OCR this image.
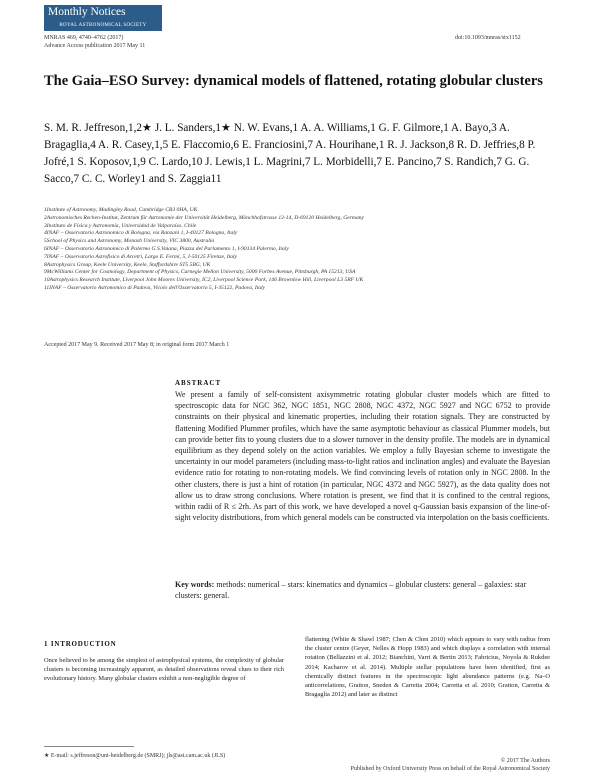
Monthly Notices
ROYAL ASTRONOMICAL SOCIETY
MNRAS 469, 4740–4762 (2017)
Advance Access publication 2017 May 11
doi:10.1093/mnras/stx1152
The Gaia–ESO Survey: dynamical models of flattened, rotating globular clusters
S. M. R. Jeffreson,1,2★ J. L. Sanders,1★ N. W. Evans,1 A. A. Williams,1 G. F. Gilmore,1 A. Bayo,3 A. Bragaglia,4 A. R. Casey,1,5 E. Flaccomio,6 E. Franciosini,7 A. Hourihane,1 R. J. Jackson,8 R. D. Jeffries,8 P. Jofré,1 S. Koposov,1,9 C. Lardo,10 J. Lewis,1 L. Magrini,7 L. Morbidelli,7 E. Pancino,7 S. Randich,7 G. G. Sacco,7 C. C. Worley1 and S. Zaggia11
1Institute of Astronomy, Madingley Road, Cambridge CB3 0HA, UK
2Astronomisches Rechen-Institut, Zentrum für Astronomie der Universität Heidelberg, Mönchhofstrasse 12-14, D-69120 Heidelberg, Germany
3Instituto de Física y Astronomía, Universidad de Valparaíso, Chile
4INAF – Osservatorio Astronomico di Bologna, via Ranzani 1, I-40127 Bologna, Italy
5School of Physics and Astronomy, Monash University, VIC 3800, Australia
6INAF – Osservatorio Astronomico di Palermo G.S.Vaiana, Piazza del Parlamento 1, I-90134 Palermo, Italy
7INAF – Osservatorio Astrofisico di Arcetri, Largo E. Fermi, 5, I-50125 Firenze, Italy
8Astrophysics Group, Keele University, Keele, Staffordshire ST5 5BG, UK
9McWilliams Center for Cosmology, Department of Physics, Carnegie Mellon University, 5000 Forbes Avenue, Pittsburgh, PA 15213, USA
10Astrophysics Research Institute, Liverpool John Moores University, IC2, Liverpool Science Park, 146 Brownlow Hill, Liverpool L3 5RF UK
11INAF – Osservatorio Astronomico di Padova, Vicolo dell'Osservatorio 5, I-35122, Padova, Italy
Accepted 2017 May 9. Received 2017 May 8; in original form 2017 March 1
ABSTRACT
We present a family of self-consistent axisymmetric rotating globular cluster models which are fitted to spectroscopic data for NGC 362, NGC 1851, NGC 2808, NGC 4372, NGC 5927 and NGC 6752 to provide constraints on their physical and kinematic properties, including their rotation signals. They are constructed by flattening Modified Plummer profiles, which have the same asymptotic behaviour as classical Plummer models, but can provide better fits to young clusters due to a slower turnover in the density profile. The models are in dynamical equilibrium as they depend solely on the action variables. We employ a fully Bayesian scheme to investigate the uncertainty in our model parameters (including mass-to-light ratios and inclination angles) and evaluate the Bayesian evidence ratio for rotating to non-rotating models. We find convincing levels of rotation only in NGC 2808. In the other clusters, there is just a hint of rotation (in particular, NGC 4372 and NGC 5927), as the data quality does not allow us to draw strong conclusions. Where rotation is present, we find that it is confined to the central regions, within radii of R ≤ 2rh. As part of this work, we have developed a novel q-Gaussian basis expansion of the line-of-sight velocity distributions, from which general models can be constructed via interpolation on the basis coefficients.
Key words: methods: numerical – stars: kinematics and dynamics – globular clusters: general – galaxies: star clusters: general.
1 INTRODUCTION
Once believed to be among the simplest of astrophysical systems, the complexity of globular clusters is becoming increasingly apparent, as detailed observations reveal clues to their rich evolutionary history. Many globular clusters exhibit a non-negligible degree of
flattening (White & Shawl 1987; Chen & Chen 2010) which appears to vary with radius from the cluster centre (Geyer, Nelles & Hopp 1983) and which displays a correlation with internal rotation (Bellazzini et al. 2012; Bianchini, Varri & Bertin 2013; Fabricius, Noyola & Rukdee 2014; Kacharov et al. 2014). Multiple stellar populations have been identified, first as chemically distinct features in the spectroscopic light abundance patterns (e.g. Na–O anticorrelations, Gratton, Sneden & Carretta 2004; Carretta et al. 2010; Gratton, Carretta & Bragaglia 2012) and later as distinct
★ E-mail: s.jeffreson@uni-heidelberg.de (SMRJ); jls@ast.cam.ac.uk (JLS)
© 2017 The Authors
Published by Oxford University Press on behalf of the Royal Astronomical Society
